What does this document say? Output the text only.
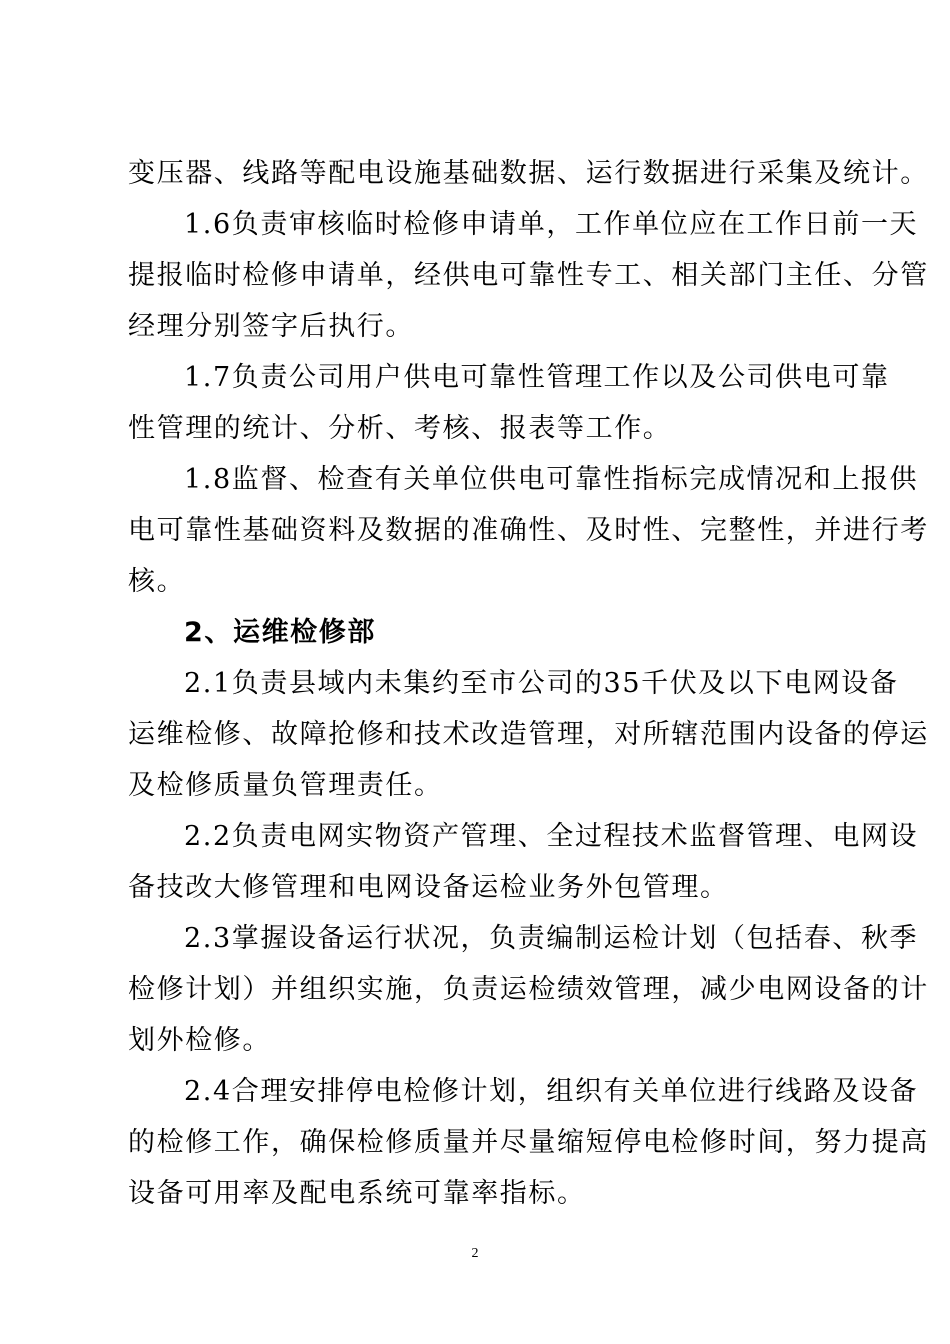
变压器、线路等配电设施基础数据、运行数据进行采集及统计。
1.6负责审核临时检修申请单，工作单位应在工作日前一天
提报临时检修申请单，经供电可靠性专工、相关部门主任、分管
经理分别签字后执行。
1.7负责公司用户供电可靠性管理工作以及公司供电可靠
性管理的统计、分析、考核、报表等工作。
1.8监督、检查有关单位供电可靠性指标完成情况和上报供
电可靠性基础资料及数据的准确性、及时性、完整性，并进行考
核。
2、运维检修部
2.1负责县域内未集约至市公司的35千伏及以下电网设备
运维检修、故障抢修和技术改造管理，对所辖范围内设备的停运
及检修质量负管理责任。
2.2负责电网实物资产管理、全过程技术监督管理、电网设
备技改大修管理和电网设备运检业务外包管理。
2.3掌握设备运行状况，负责编制运检计划（包括春、秋季
检修计划）并组织实施，负责运检绩效管理，减少电网设备的计
划外检修。
2.4合理安排停电检修计划，组织有关单位进行线路及设备
的检修工作，确保检修质量并尽量缩短停电检修时间，努力提高
设备可用率及配电系统可靠率指标。
2
